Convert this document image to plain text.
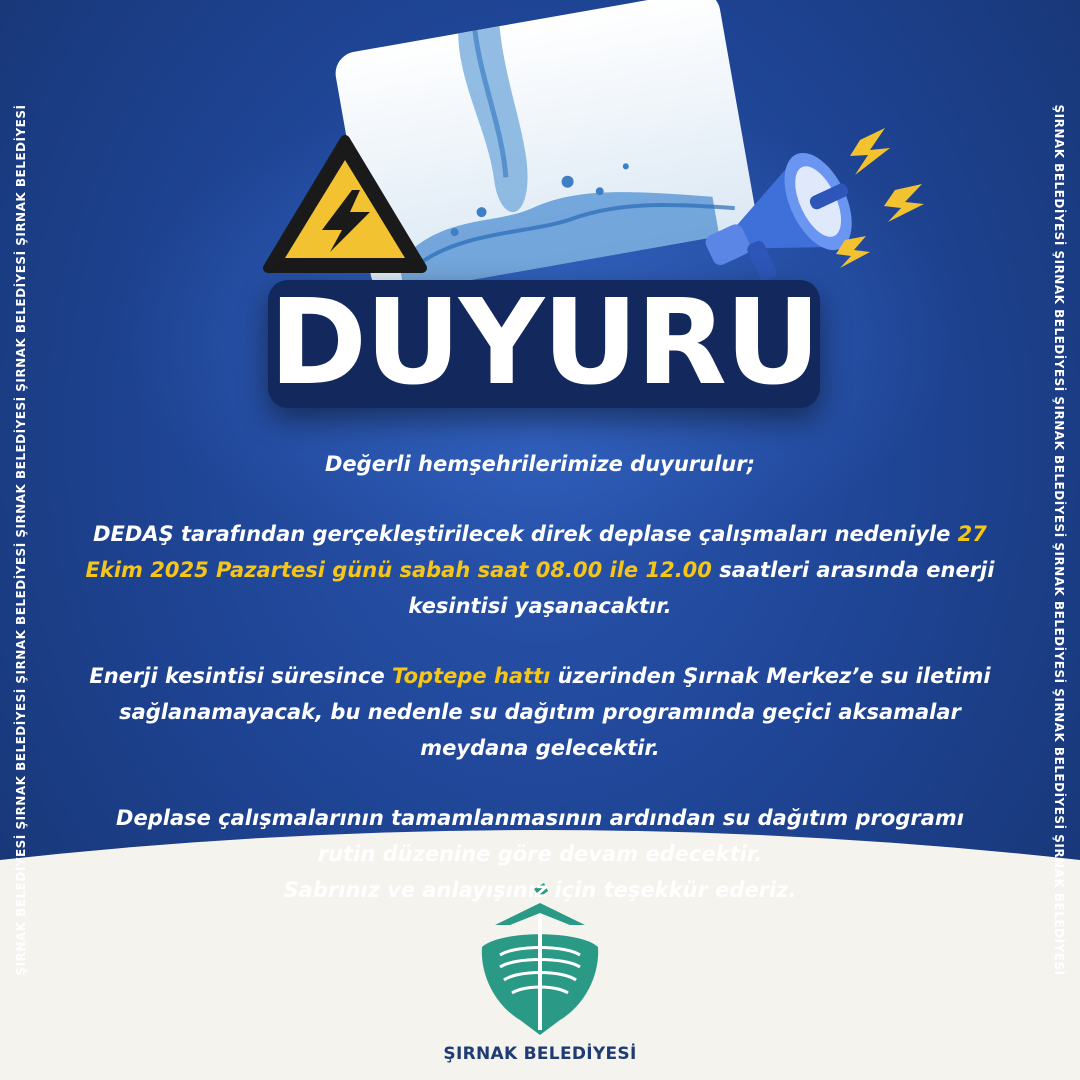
ŞIRNAK BELEDİYESİ ŞIRNAK BELEDİYESİ ŞIRNAK BELEDİYESİ ŞIRNAK BELEDİYESİ ŞIRNAK BELEDİYESİ ŞIRNAK BELEDİYESİ	ŞIRNAK BELEDİYESİ ŞIRNAK BELEDİYESİ ŞIRNAK BELEDİYESİ ŞIRNAK BELEDİYESİ ŞIRNAK BELEDİYESİ ŞIRNAK BELEDİYESİ
DUYURU

Değerli hemşehrilerimize duyurulur;

DEDAŞ tarafından gerçekleştirilecek direk deplase çalışmaları nedeniyle 27
Ekim 2025 Pazartesi günü sabah saat 08.00 ile 12.00 saatleri arasında enerji
kesintisi yaşanacaktır.

Enerji kesintisi süresince Toptepe hattı üzerinden Şırnak Merkez’e su iletimi
sağlanamayacak, bu nedenle su dağıtım programında geçici aksamalar
meydana gelecektir.

Deplase çalışmalarının tamamlanmasının ardından su dağıtım programı
rutin düzenine göre devam edecektir.
Sabrınız ve anlayışınız için teşekkür ederiz.

ŞIRNAK BELEDİYESİ
